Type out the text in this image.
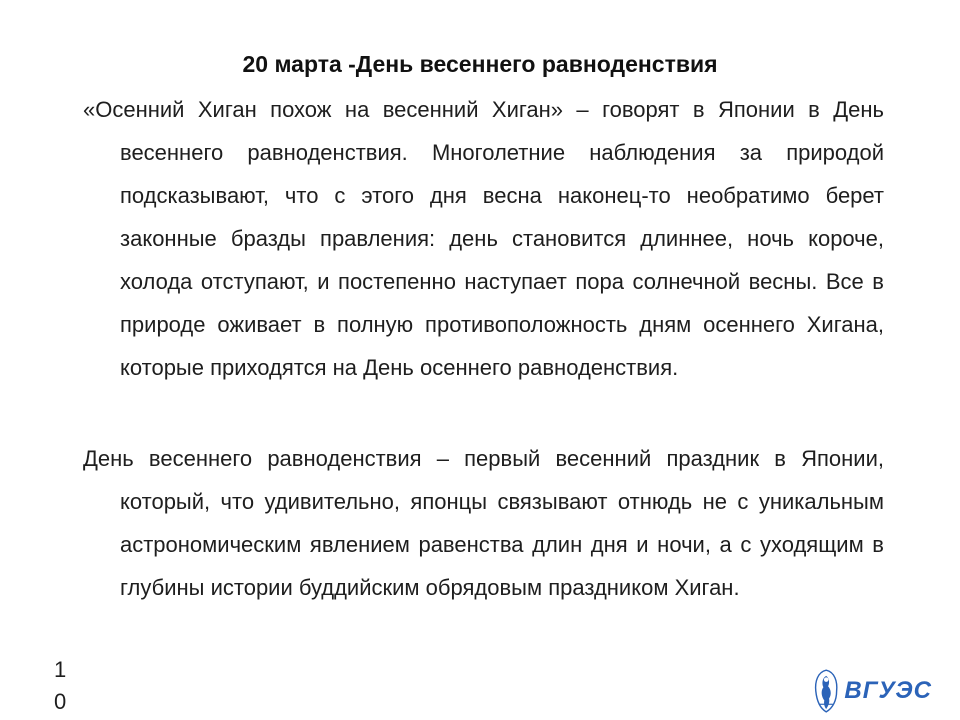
20 марта -День весеннего равноденствия
«Осенний Хиган похож на весенний Хиган» – говорят в Японии в День весеннего равноденствия. Многолетние наблюдения за природой подсказывают, что с этого дня весна наконец-то необратимо берет законные бразды правления: день становится длиннее, ночь короче, холода отступают, и постепенно наступает пора солнечной весны. Все в природе оживает в полную противоположность дням осеннего Хигана, которые приходятся на День осеннего равноденствия.
День весеннего равноденствия – первый весенний праздник в Японии, который, что удивительно, японцы связывают отнюдь не с уникальным астрономическим явлением равенства длин дня и ночи, а с уходящим в глубины истории буддийским обрядовым праздником Хиган.
10	ВГУЭС
